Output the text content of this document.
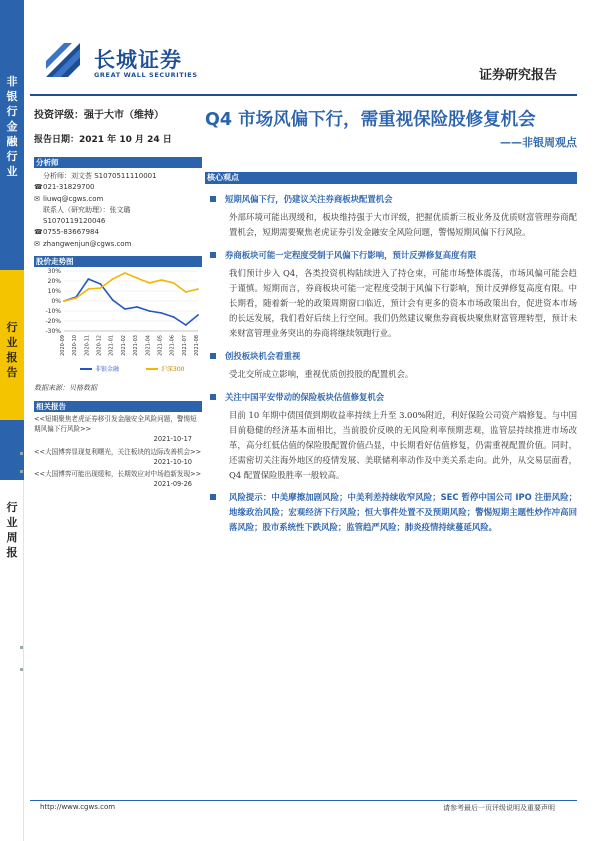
非
银
行
金
融
行
业
行
业
报
告
行
业
周
报
长城证券
GREAT WALL SECURITIES	证券研究报告
投资评级：强于大市（维持）
报告日期：2021 年 10 月 24 日
分析师
分析师：刘文荟 S1070511110001
☎021-31829700
✉ liuwq@cgws.com
联系人（研究助理）：张文璐
S1070119120046
☎0755-83667984
✉ zhangwenjun@cgws.com
股价走势图
30%
20%
10%
0%
-10%
-20%
-30%
2020-09 2020-10 2020-11 2020-12 2021-01 2021-02 2021-03 2021-04 2021-05 2021-06 2021-07 2021-08
非银金融	沪深300
数据来源：贝格数据
相关报告
<<短期聚焦老虎证券移引发金融安全风险问题，警惕短期风偏下行风险>>
2021-10-17
<<大国博弈显现复利曙光，关注板块的边际改善机会>>
2021-10-10
<<大国博弈可能出现缓和，长期效应对中场趋新发现>>
2021-09-26
Q4 市场风偏下行，需重视保险股修复机会
——非银周观点
核心观点
短期风偏下行，仍建议关注券商板块配置机会
外部环境可能出现缓和，板块维持强于大市评级，把握优质新三板业务及优质财富管理券商配置机会，短期需要聚焦老虎证券引发金融安全风险问题，警惕短期风偏下行风险。
券商板块可能一定程度受制于风偏下行影响，预计反弹修复高度有限
我们预计步入 Q4，各类投资机构陆续进入了持仓束，可能市场整体震荡，市场风偏可能会趋于谨慎。短期而言，券商板块可能一定程度受制于风偏下行影响，预计反弹修复高度有限。中长期看，随着新一轮的政策周期窗口临近，预计会有更多的资本市场政策出台，促进资本市场的长远发展，我们看好后续上行空间。我们仍然建议聚焦券商板块聚焦财富管理转型，预计未来财富管理业务突出的券商将继续领跑行业。
创投板块机会看重视
受北交所成立影响，重视优质创投股的配置机会。
关注中国平安带动的保险板块估值修复机会
目前 10 年期中债国债到期收益率持续上升至 3.00%附近，利好保险公司资产端修复。与中国目前稳健的经济基本面相比，当前股价反映的无风险利率预期悲观，监管层持续推进市场改革，高分红低估值的保险股配置价值凸显，中长期看好估值修复，仍需重视配置价值。同时，还需密切关注海外地区的疫情发展、美联储利率动作及中美关系走向。此外，从交易层面看，Q4 配置保险股胜率一般较高。
风险提示：中美摩擦加剧风险；中美利差持续收窄风险；SEC 暂停中国公司 IPO 注册风险；地缘政治风险；宏观经济下行风险；恒大事件处置不及预期风险；警惕短期主题性炒作冲高回落风险；股市系统性下跌风险；监管趋严风险；肺炎疫情持续蔓延风险。
http://www.cgws.com	请参考最后一页评级说明及重要声明
